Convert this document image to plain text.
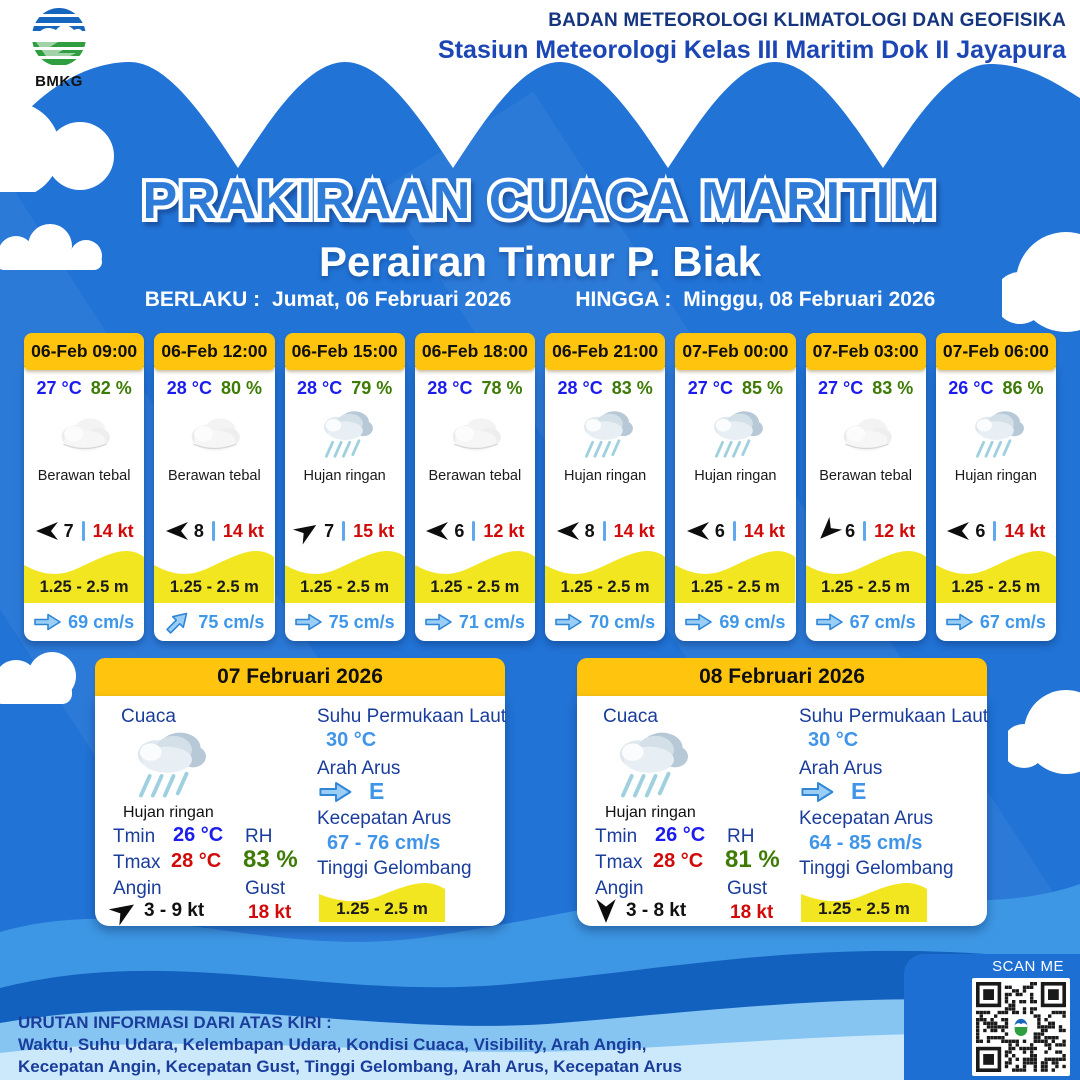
BMKG
BADAN METEOROLOGI KLIMATOLOGI DAN GEOFISIKA
Stasiun Meteorologi Kelas III Maritim Dok II Jayapura
PRAKIRAAN CUACA MARITIM
Perairan Timur P. Biak
BERLAKU : Jumat, 06 Februari 2026	HINGGA : Minggu, 08 Februari 2026
06-Feb 09:00
27 °C 82 %
Berawan tebal
7 14 kt
1.25 - 2.5 m
69 cm/s
06-Feb 12:00
28 °C 80 %
Berawan tebal
8 14 kt
1.25 - 2.5 m
75 cm/s
06-Feb 15:00
28 °C 79 %
Hujan ringan
7 15 kt
1.25 - 2.5 m
75 cm/s
06-Feb 18:00
28 °C 78 %
Berawan tebal
6 12 kt
1.25 - 2.5 m
71 cm/s
06-Feb 21:00
28 °C 83 %
Hujan ringan
8 14 kt
1.25 - 2.5 m
70 cm/s
07-Feb 00:00
27 °C 85 %
Hujan ringan
6 14 kt
1.25 - 2.5 m
69 cm/s
07-Feb 03:00
27 °C 83 %
Berawan tebal
6 12 kt
1.25 - 2.5 m
67 cm/s
07-Feb 06:00
26 °C 86 %
Hujan ringan
6 14 kt
1.25 - 2.5 m
67 cm/s
07 Februari 2026
Cuaca
Hujan ringan
Tmin 26 °C
Tmax 28 °C
Angin
3 - 9 kt
RH
83 %
Gust
18 kt
Suhu Permukaan Laut
30 °C
Arah Arus
E
Kecepatan Arus
67 - 76 cm/s
Tinggi Gelombang
1.25 - 2.5 m
08 Februari 2026
Cuaca
Hujan ringan
Tmin 26 °C
Tmax 28 °C
Angin
3 - 8 kt
RH
81 %
Gust
18 kt
Suhu Permukaan Laut
30 °C
Arah Arus
E
Kecepatan Arus
64 - 85 cm/s
Tinggi Gelombang
1.25 - 2.5 m
URUTAN INFORMASI DARI ATAS KIRI :
Waktu, Suhu Udara, Kelembapan Udara, Kondisi Cuaca, Visibility, Arah Angin,
Kecepatan Angin, Kecepatan Gust, Tinggi Gelombang, Arah Arus, Kecepatan Arus
SCAN ME
